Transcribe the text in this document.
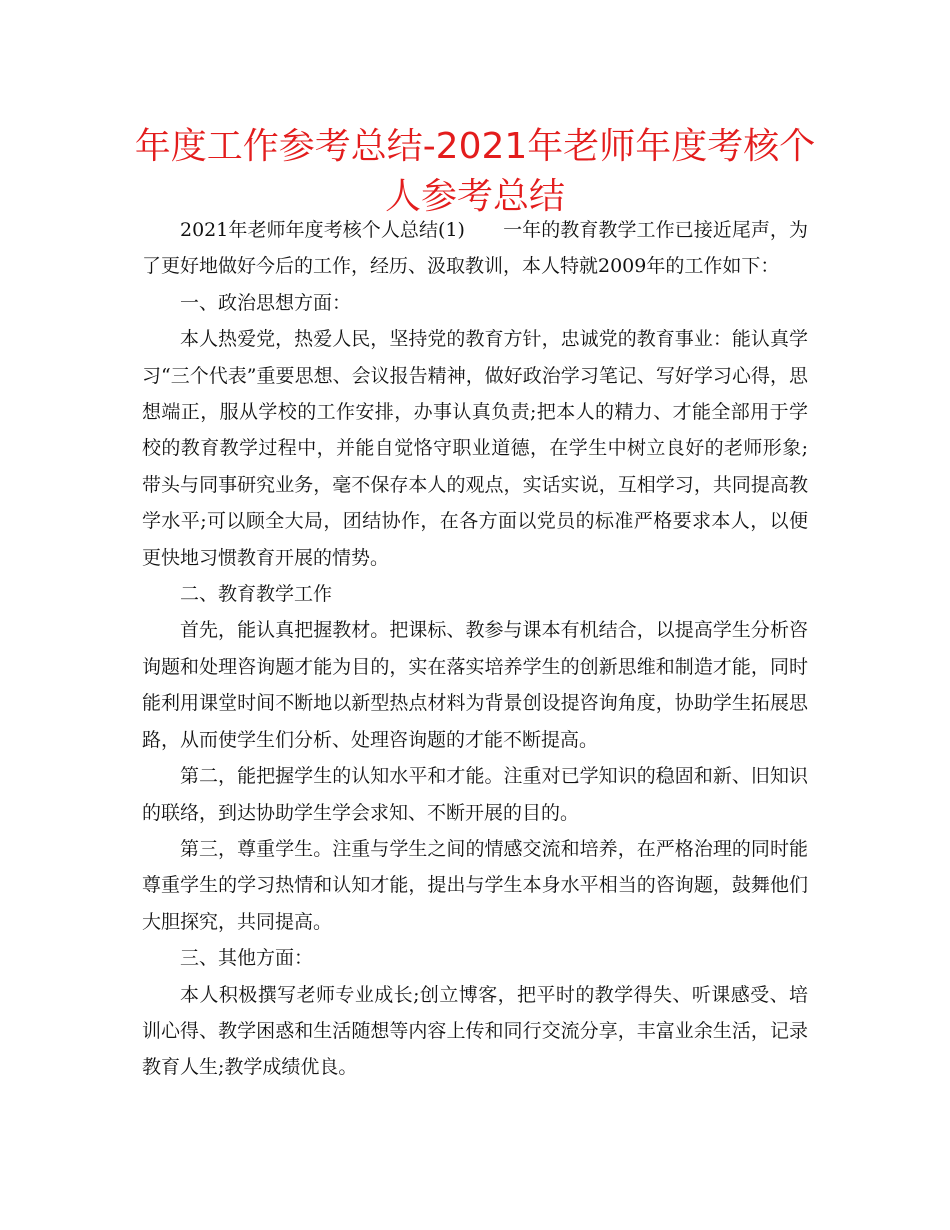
年度工作参考总结-2021年老师年度考核个人参考总结

2021年老师年度考核个人总结(1)　　一年的教育教学工作已接近尾声，为了更好地做好今后的工作，经历、汲取教训，本人特就2009年的工作如下：

一、政治思想方面：

本人热爱党，热爱人民，坚持党的教育方针，忠诚党的教育事业：能认真学习“三个代表”重要思想、会议报告精神，做好政治学习笔记、写好学习心得，思想端正，服从学校的工作安排，办事认真负责;把本人的精力、才能全部用于学校的教育教学过程中，并能自觉恪守职业道德，在学生中树立良好的老师形象;带头与同事研究业务，毫不保存本人的观点，实话实说，互相学习，共同提高教学水平;可以顾全大局，团结协作，在各方面以党员的标准严格要求本人，以便更快地习惯教育开展的情势。

二、教育教学工作

首先，能认真把握教材。把课标、教参与课本有机结合，以提高学生分析咨询题和处理咨询题才能为目的，实在落实培养学生的创新思维和制造才能，同时能利用课堂时间不断地以新型热点材料为背景创设提咨询角度，协助学生拓展思路，从而使学生们分析、处理咨询题的才能不断提高。

第二，能把握学生的认知水平和才能。注重对已学知识的稳固和新、旧知识的联络，到达协助学生学会求知、不断开展的目的。

第三，尊重学生。注重与学生之间的情感交流和培养，在严格治理的同时能尊重学生的学习热情和认知才能，提出与学生本身水平相当的咨询题，鼓舞他们大胆探究，共同提高。

三、其他方面：

本人积极撰写老师专业成长;创立博客，把平时的教学得失、听课感受、培训心得、教学困惑和生活随想等内容上传和同行交流分享，丰富业余生活，记录教育人生;教学成绩优良。
